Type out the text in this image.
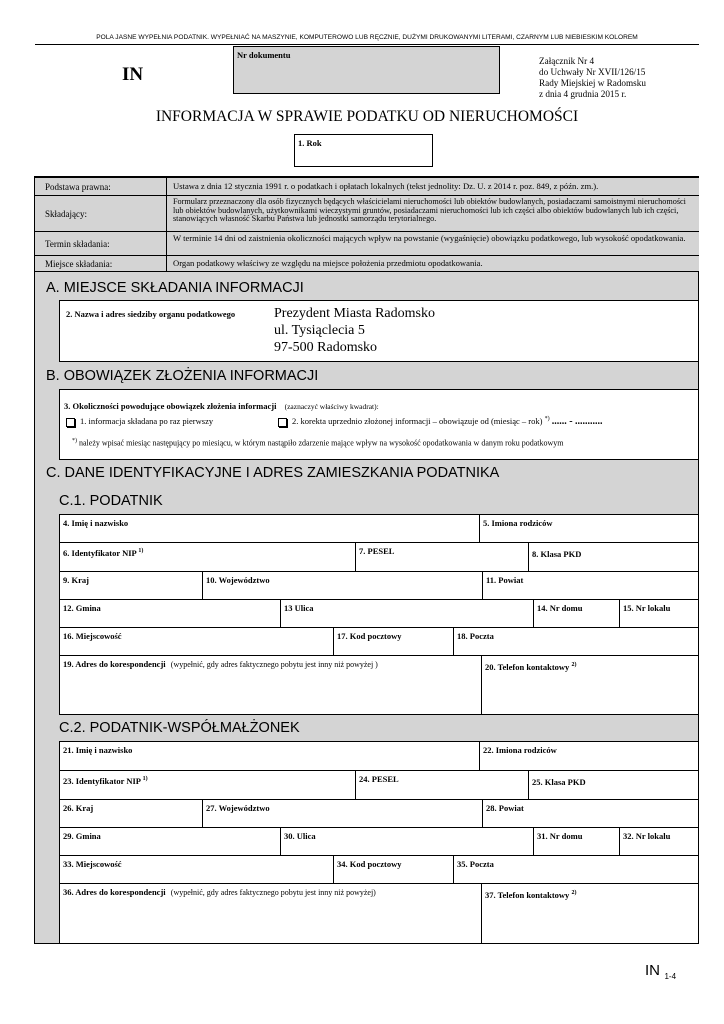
POLA JASNE WYPEŁNIA PODATNIK. WYPEŁNIAĆ NA MASZYNIE, KOMPUTEROWO LUB RĘCZNIE, DUŻYMI DRUKOWANYMI LITERAMI, CZARNYM LUB NIEBIESKIM KOLOREM
IN
Nr dokumentu
Załącznik Nr 4
do Uchwały Nr XVII/126/15
Rady Miejskiej w Radomsku
z dnia 4 grudnia 2015 r.
INFORMACJA W SPRAWIE PODATKU OD NIERUCHOMOŚCI
1. Rok
Podstawa prawna:	Ustawa z dnia 12 stycznia 1991 r. o podatkach i opłatach lokalnych (tekst jednolity: Dz. U. z 2014 r. poz. 849, z późn. zm.).
Składający:
Formularz przeznaczony dla osób fizycznych będących właścicielami nieruchomości lub obiektów budowlanych, posiadaczami samoistnymi nieruchomości lub obiektów budowlanych, użytkownikami wieczystymi gruntów, posiadaczami nieruchomości lub ich części albo obiektów budowlanych lub ich części, stanowiących własność Skarbu Państwa lub jednostki samorządu terytorialnego.
Termin składania:
W terminie 14 dni od zaistnienia okoliczności mających wpływ na powstanie (wygaśnięcie) obowiązku podatkowego, lub wysokość opodatkowania.
Miejsce składania:	Organ podatkowy właściwy ze względu na miejsce położenia przedmiotu opodatkowania.
A. MIEJSCE SKŁADANIA INFORMACJI
2. Nazwa i adres siedziby organu podatkowego	Prezydent Miasta Radomsko
ul. Tysiąclecia 5
97-500 Radomsko
B. OBOWIĄZEK ZŁOŻENIA INFORMACJI
3. Okoliczności powodujące obowiązek złożenia informacji (zaznaczyć właściwy kwadrat):
1. informacja składana po raz pierwszy	2. korekta uprzednio złożonej informacji – obowiązuje od (miesiąc – rok) *) ...... - ...........
*) należy wpisać miesiąc następujący po miesiącu, w którym nastąpiło zdarzenie mające wpływ na wysokość opodatkowania w danym roku podatkowym
C. DANE IDENTYFIKACYJNE I ADRES ZAMIESZKANIA PODATNIKA
C.1. PODATNIK
4. Imię i nazwisko	5. Imiona rodziców
6. Identyfikator NIP $^{1)}$	7. PESEL	8. Klasa PKD
9. Kraj	10. Województwo	11. Powiat
12. Gmina	13 Ulica	14. Nr domu	15. Nr lokalu
16. Miejscowość	17. Kod pocztowy	18. Poczta
19. Adres do korespondencji (wypełnić, gdy adres faktycznego pobytu jest inny niż powyżej )	20. Telefon kontaktowy $^{2)}$
C.2. PODATNIK-WSPÓŁMAŁŻONEK
21. Imię i nazwisko	22. Imiona rodziców
23. Identyfikator NIP $^{1)}$	24. PESEL	25. Klasa PKD
26. Kraj	27. Województwo	28. Powiat
29. Gmina	30. Ulica	31. Nr domu	32. Nr lokalu
33. Miejscowość	34. Kod pocztowy	35. Poczta
36. Adres do korespondencji (wypełnić, gdy adres faktycznego pobytu jest inny niż powyżej)	37. Telefon kontaktowy $^{2)}$
IN $_{1-4}$
